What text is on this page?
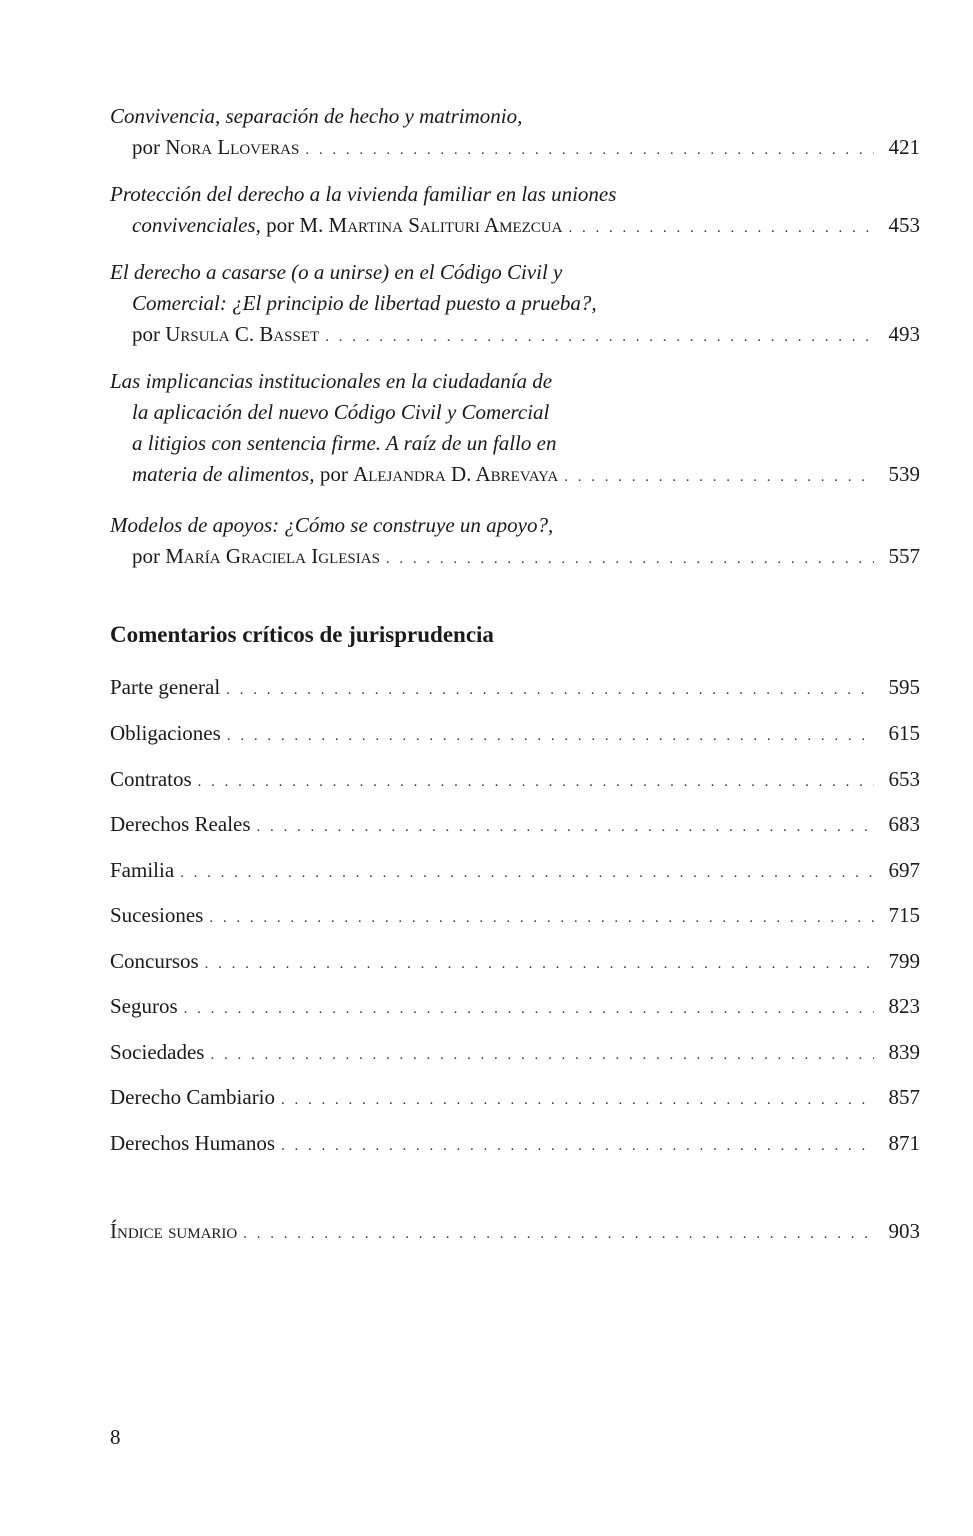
Convivencia, separación de hecho y matrimonio,
por Nora Lloveras . . .	421
Protección del derecho a la vivienda familiar en las uniones
convivenciales, por M. Martina Salituri Amezcua . . .	453
El derecho a casarse (o a unirse) en el Código Civil y
Comercial: ¿El principio de libertad puesto a prueba?,
por Ursula C. Basset . . .	493
Las implicancias institucionales en la ciudadanía de
la aplicación del nuevo Código Civil y Comercial
a litigios con sentencia firme. A raíz de un fallo en
materia de alimentos, por Alejandra D. Abrevaya . . .	539
Modelos de apoyos: ¿Cómo se construye un apoyo?,
por María Graciela Iglesias . . .	557
Comentarios críticos de jurisprudencia
Parte general . . .	595
Obligaciones . . .	615
Contratos . . .	653
Derechos Reales . . .	683
Familia . . .	697
Sucesiones . . .	715
Concursos . . .	799
Seguros . . .	823
Sociedades . . .	839
Derecho Cambiario . . .	857
Derechos Humanos . . .	871
Índice sumario . . .	903
8
